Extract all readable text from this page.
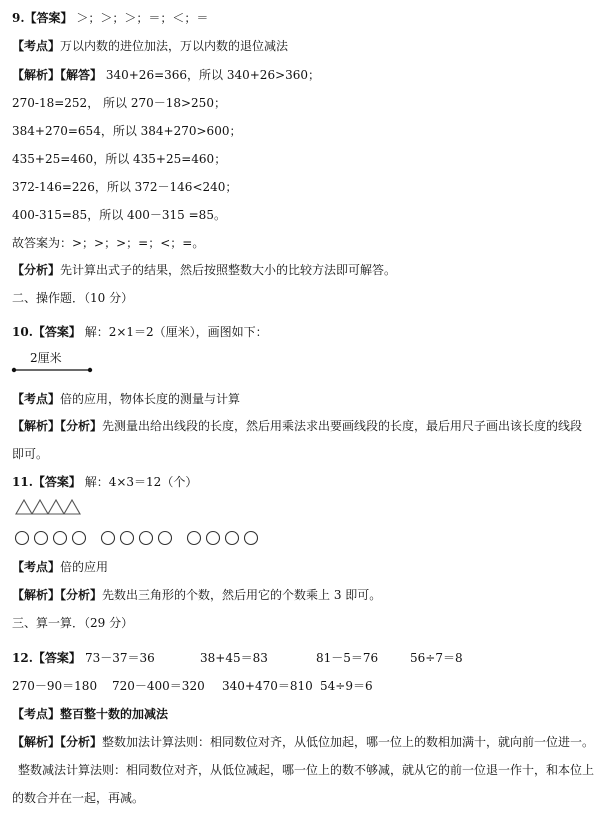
9.【答案】 ＞；＞；＞；＝；＜；＝
【考点】万以内数的进位加法，万以内数的退位减法
【解析】【解答】 340+26=366，所以 340+26>360；
270-18=252， 所以 270－18>250；
384+270=654，所以 384+270>600；
435+25=460，所以 435+25=460；
372-146=226，所以 372－146<240；
400-315=85，所以 400－315 =85。
故答案为：>；>；>；=；<；=。
【分析】先计算出式子的结果，然后按照整数大小的比较方法即可解答。
二、操作题．（10 分）
10.【答案】 解：2×1＝2（厘米），画图如下：
2厘米
【考点】倍的应用，物体长度的测量与计算
【解析】【分析】先测量出给出线段的长度，然后用乘法求出要画线段的长度，最后用尺子画出该长度的线段即可。
11.【答案】 解：4×3＝12（个）
【考点】倍的应用
【解析】【分析】先数出三角形的个数，然后用它的个数乘上 3 即可。
三、算一算．（29 分）
12.【答案】 73－37＝36	38+45＝83	81－5＝76	56÷7＝8
270－90＝180 720－400＝320 340+470＝810 54÷9＝6
【考点】整百整十数的加减法
【解析】【分析】整数加法计算法则：相同数位对齐，从低位加起，哪一位上的数相加满十，就向前一位进一。
整数减法计算法则：相同数位对齐，从低位减起，哪一位上的数不够减，就从它的前一位退一作十，和本位上的数合并在一起，再减。
